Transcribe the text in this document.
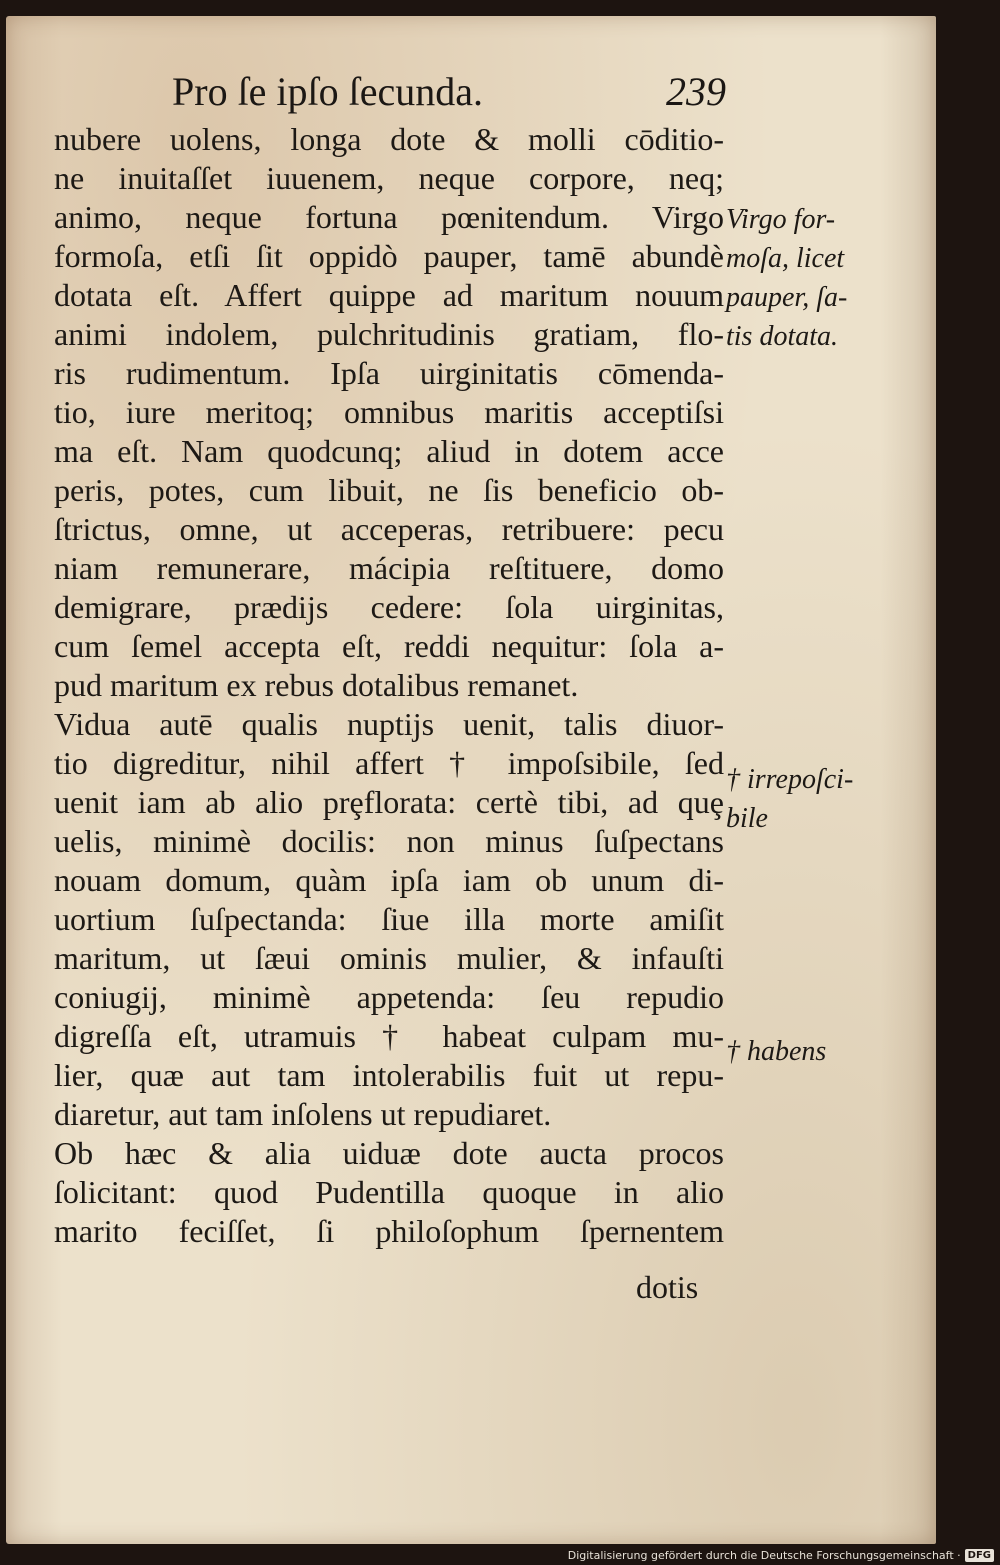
Pro ſe ipſo ſecunda.	239
nubere uolens, longa dote & molli cōditio-
ne inuitaſſet iuuenem, neque corpore, neq;
animo, neque fortuna pœnitendum. Virgo
formoſa, etſi ſit oppidò pauper, tamē abundè
dotata eſt. Affert quippe ad maritum nouum
animi indolem, pulchritudinis gratiam, flo-
ris rudimentum. Ipſa uirginitatis cōmenda-
tio, iure meritoq; omnibus maritis acceptiſsi
ma eſt. Nam quodcunq; aliud in dotem acce
peris, potes, cum libuit, ne ſis beneficio ob-
ſtrictus, omne, ut acceperas, retribuere: pecu
niam remunerare, mácipia reſtituere, domo
demigrare, prædijs cedere: ſola uirginitas,
cum ſemel accepta eſt, reddi nequitur: ſola a-
pud maritum ex rebus dotalibus remanet.
Vidua autē qualis nuptijs uenit, talis diuor-
tio digreditur, nihil affert † impoſsibile, ſed
uenit iam ab alio prȩflorata: certè tibi, ad quȩ
uelis, minimè docilis: non minus ſuſpectans
nouam domum, quàm ipſa iam ob unum di-
uortium ſuſpectanda: ſiue illa morte amiſit
maritum, ut ſæui ominis mulier, & infauſti
coniugij, minimè appetenda: ſeu repudio
digreſſa eſt, utramuis † habeat culpam mu-
lier, quæ aut tam intolerabilis fuit ut repu-
diaretur, aut tam inſolens ut repudiaret.
Ob hæc & alia uiduæ dote aucta procos
ſolicitant: quod Pudentilla quoque in alio
marito feciſſet, ſi philoſophum ſpernentem
Virgo for-
moſa, licet
pauper, ſa-
tis dotata.
† irrepoſci-
bile
† habens
dotis
Digitalisierung gefördert durch die Deutsche Forschungsgemeinschaft · DFG
